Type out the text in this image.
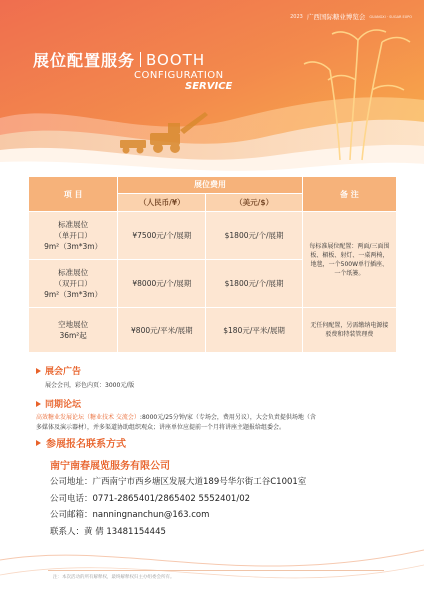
2023 广西国际糖业博览会 GUANGXI · SUGAR EXPO
展位配置服务 BOOTH
CONFIGURATION
SERVICE
项 目	展位费用		备 注
	（人民币/¥）	（美元/$）	

标准展位
（单开口）
9m²（3m*3m）	¥7500元/个/展期	$1800元/个/展期	每标准展位配置：两面/三面围板、楣板、射灯、一桌两椅，地毯，一个500W单行插座、一个纸篓。

标准展位
（双开口）
9m²（3m*3m）	¥8000元/个/展期	$1800元/个/展期	

空地展位
36m²起	¥800元/平米/展期	$180元/平米/展期	无任何配置，另需缴纳电源接驳费和特装管理费
展会广告
展会会刊，彩色内页：3000元/版
同期论坛
高效糖业发展论坛（糖业技术 交流会）:8000元/25分钟/家（专场会，费用另议），大会负责提供场地（含
多媒体及演示器材），并多渠道协助组织观众；讲座单位应提前一个月将讲座主题报给组委会。
参展报名联系方式
南宁南春展览服务有限公司
公司地址：广西南宁市西乡塘区发展大道189号华尔街工谷C1001室
公司电话：0771-2865401/2865402 5552401/02
公司邮箱：nanningnanchun@163.com
联系人：黄 倩 13481154445
注：本次活动的所有解释权，最终解释权归主办组委会所有。
